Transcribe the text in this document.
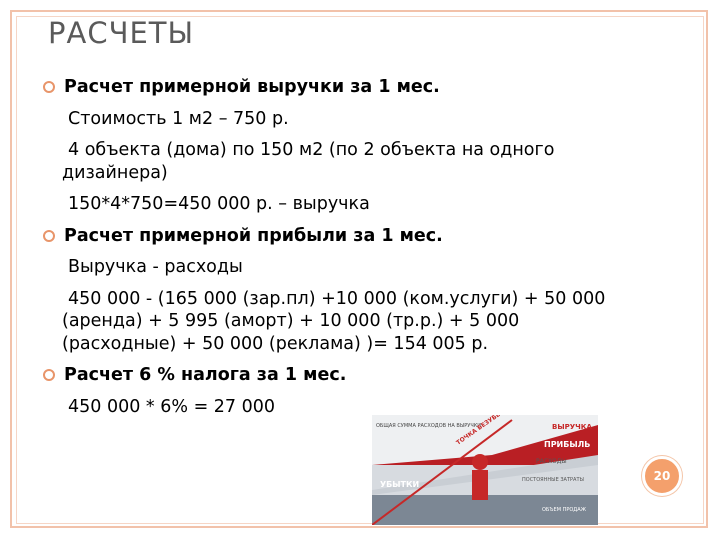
РАСЧЕТЫ
Расчет примерной выручки за 1 мес.

Стоимость 1 м2 – 750 р.

4 объекта (дома) по 150 м2 (по 2 объекта на одного дизайнера)

150*4*750=450 000 р. – выручка

Расчет примерной прибыли за 1 мес.

Выручка - расходы

450 000 - (165 000 (зар.пл) +10 000 (ком.услуги) + 50 000 (аренда) + 5 995 (аморт) + 10 000 (тр.р.) + 5 000 (расходные) + 50 000 (реклама) )= 154 005 р.

Расчет 6 % налога за 1 мес.

450 000 * 6% = 27 000

ОБЩАЯ СУММА РАСХОДОВ НА ВЫРУЧКИ	ВЫРУЧКА
ПРИБЫЛЬ
РАСХОДЫ
ПОСТОЯННЫЕ ЗАТРАТЫ
УБЫТКИ
ОБЪЕМ ПРОДАЖ
20
